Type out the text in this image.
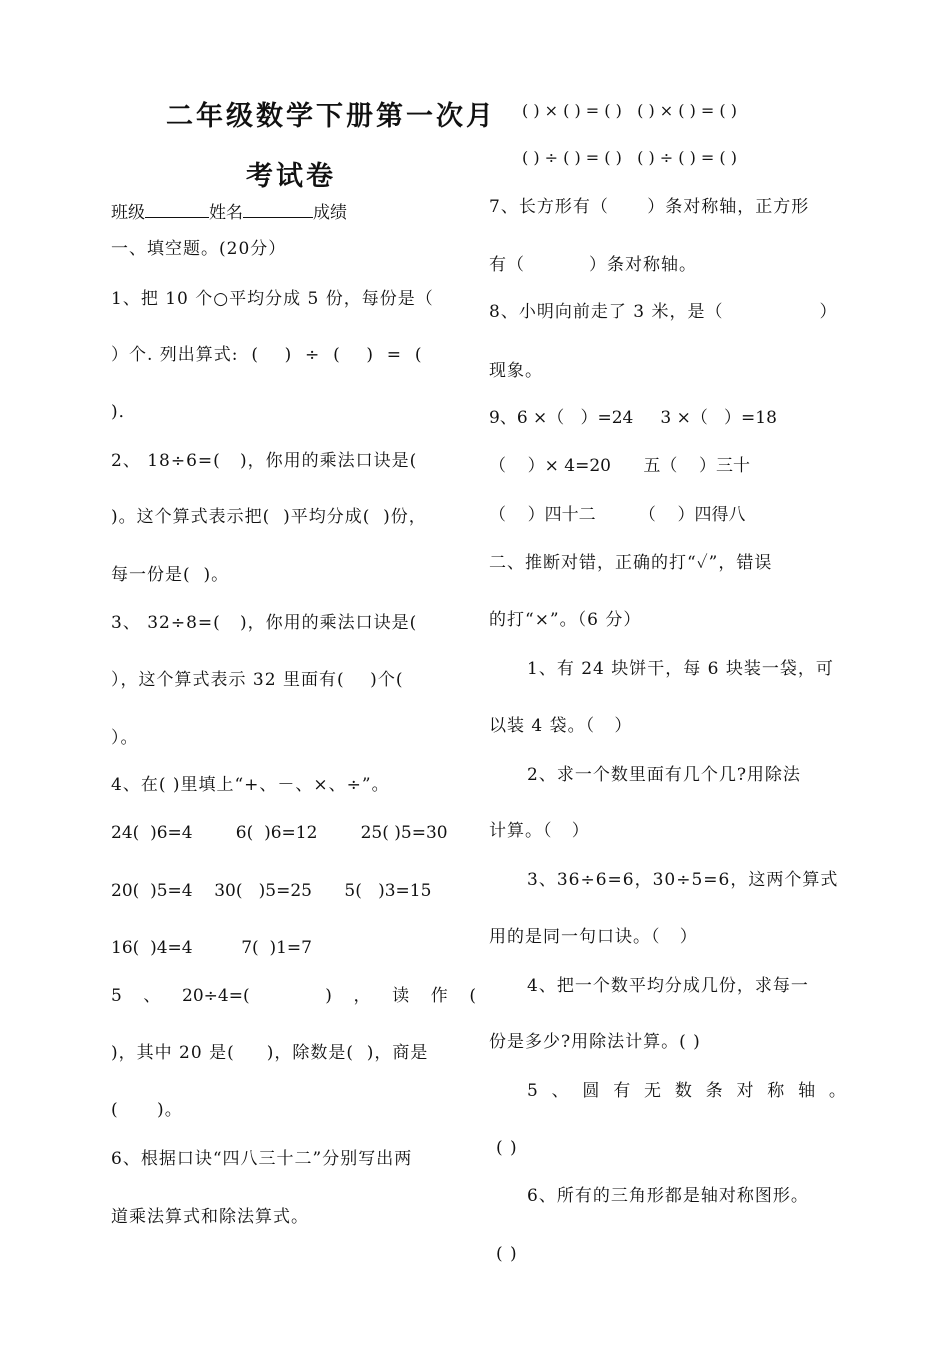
二年级数学下册第一次月
考试卷
班级	姓名	成绩
一、填空题。(20分）
1、把 10 个○平均分成 5 份，每份是（
）个. 列出算式:  (    )  ÷  (    )  =  (
)．
2、 18÷6=(   )，你用的乘法口诀是(
)。这个算式表示把(  )平均分成(  )份，
每一份是(  )。
3、 32÷8=(   )，你用的乘法口诀是(
），这个算式表示 32 里面有(    )个(
）。
4、在( )里填上“+、－、×、÷”。
24(  )6=4        6(  )6=12        25( )5=30
20(  )5=4    30(   )5=25      5(   )3=15
16(  )4=4         7(  )1=7
5    、    20÷4=(              )    ，    读    作    (
)，其中 20 是(     )，除数是(  )，商是
(      )。
6、根据口诀“四八三十二”分别写出两
道乘法算式和除法算式。
( ) × ( ) = ( )   ( ) × ( ) = ( )
( ) ÷ ( ) = ( )   ( ) ÷ ( ) = ( )
7、长方形有（      ）条对称轴，正方形
有（          ）条对称轴。
8、小明向前走了 3 米，是（               ）
现象。
9、6 ×（   ）=24     3 ×（   ）=18
（    ）× 4=20      五（    ）三十
（    ）四十二        （    ）四得八
二、推断对错，正确的打“✓”，错误
的打“×”。（6 分）
1、有 24 块饼干，每 6 块装一袋，可
以装 4 袋。（   ）
2、求一个数里面有几个几?用除法
计算。（   ）
3、36÷6=6，30÷5=6，这两个算式
用的是同一句口诀。（   ）
4、把一个数平均分成几份，求每一
份是多少?用除法计算。( )
5  、  圆  有  无  数  条  对  称  轴  。
( )
6、所有的三角形都是轴对称图形。
( )
